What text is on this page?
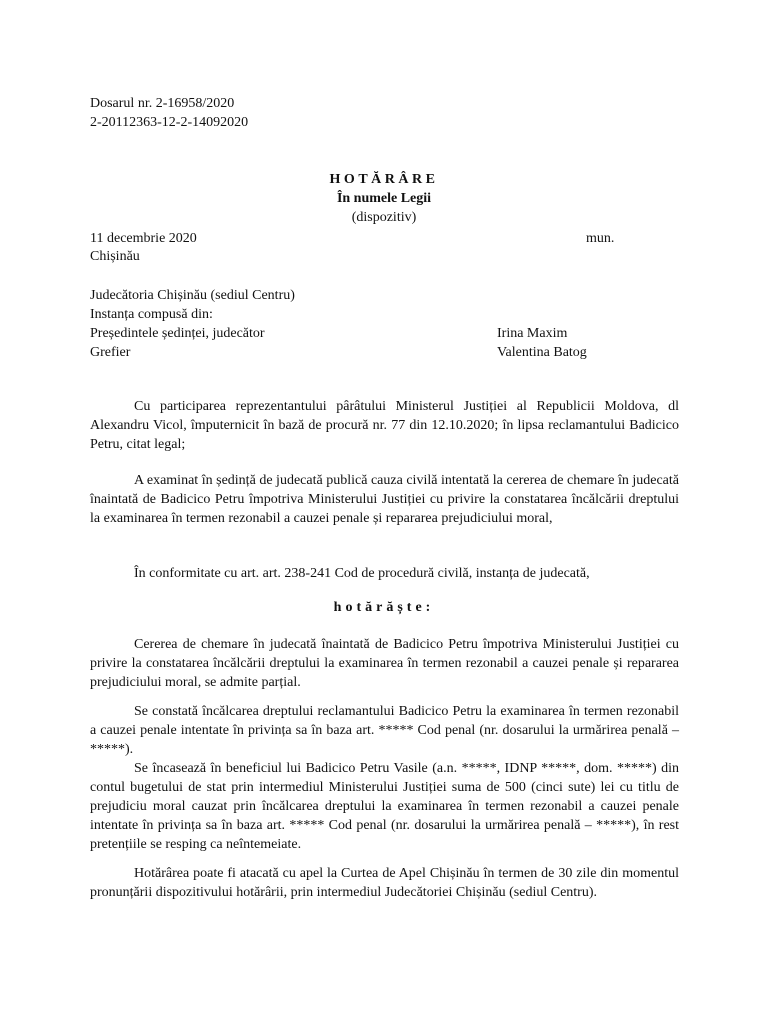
Dosarul nr. 2-16958/2020
2-20112363-12-2-14092020
HOTĂRÂRE
În numele Legii
(dispozitiv)
11 decembrie 2020	mun.
Chișinău
Judecătoria Chișinău (sediul Centru)
Instanța compusă din:
Președintele ședinței, judecător	Irina Maxim
Grefier	Valentina Batog
Cu participarea reprezentantului pârâtului Ministerul Justiției al Republicii Moldova, dl Alexandru Vicol, împuternicit în bază de procură nr. 77 din 12.10.2020; în lipsa reclamantului Badicico Petru, citat legal;
A examinat în ședință de judecată publică cauza civilă intentată la cererea de chemare în judecată înaintată de Badicico Petru împotriva Ministerului Justiției cu privire la constatarea încălcării dreptului la examinarea în termen rezonabil a cauzei penale și repararea prejudiciului moral,
În conformitate cu art. art. 238-241 Cod de procedură civilă, instanța de judecată,
hotărăște:
Cererea de chemare în judecată înaintată de Badicico Petru împotriva Ministerului Justiției cu privire la constatarea încălcării dreptului la examinarea în termen rezonabil a cauzei penale și repararea prejudiciului moral, se admite parțial.
Se constată încălcarea dreptului reclamantului Badicico Petru la examinarea în termen rezonabil a cauzei penale intentate în privința sa în baza art. ***** Cod penal (nr. dosarului la urmărirea penală – *****).
Se încasează în beneficiul lui Badicico Petru Vasile (a.n. *****, IDNP *****, dom. *****) din contul bugetului de stat prin intermediul Ministerului Justiției suma de 500 (cinci sute) lei cu titlu de prejudiciu moral cauzat prin încălcarea dreptului la examinarea în termen rezonabil a cauzei penale intentate în privința sa în baza art. ***** Cod penal (nr. dosarului la urmărirea penală – *****), în rest pretențiile se resping ca neîntemeiate.
Hotărârea poate fi atacată cu apel la Curtea de Apel Chișinău în termen de 30 zile din momentul pronunțării dispozitivului hotărârii, prin intermediul Judecătoriei Chișinău (sediul Centru).
